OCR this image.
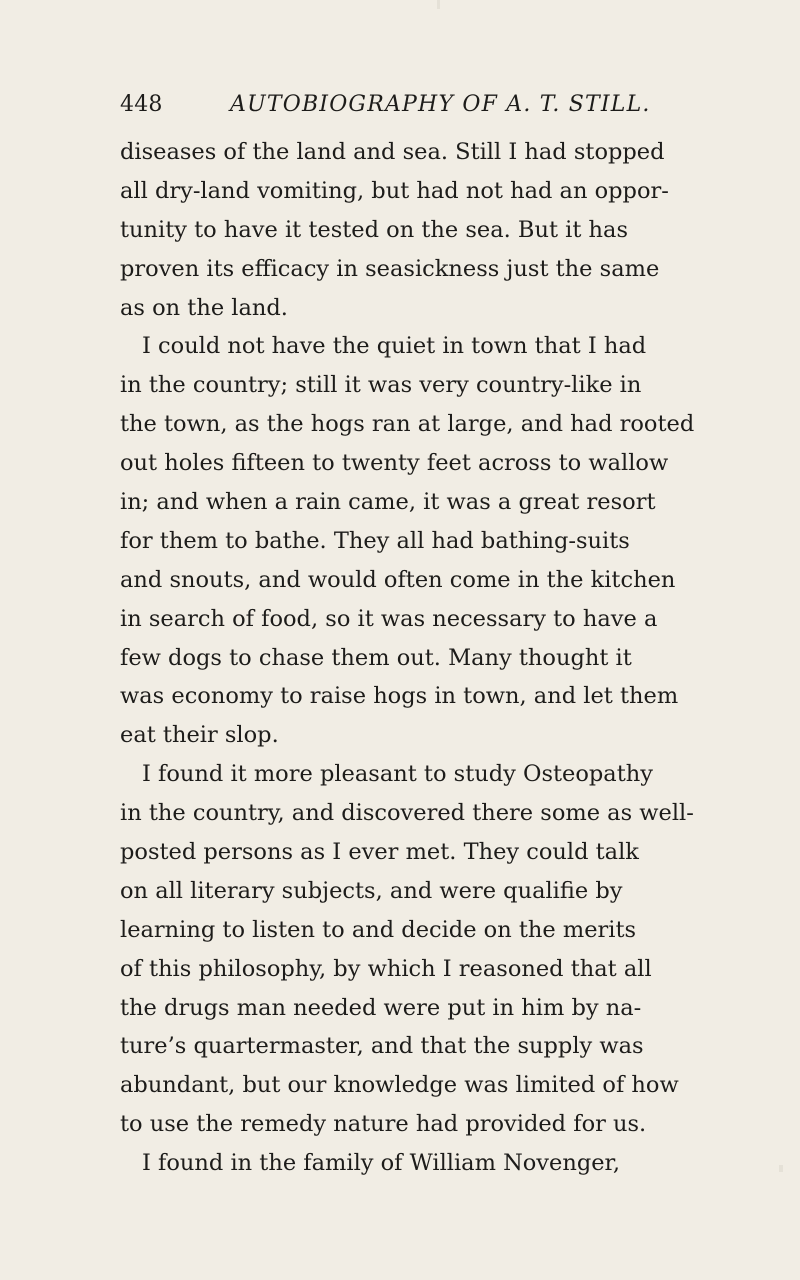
448	AUTOBIOGRAPHY OF A. T. STILL.
diseases of the land and sea. Still I had stopped
all dry-land vomiting, but had not had an oppor-
tunity to have it tested on the sea. But it has
proven its efficacy in seasickness just the same
as on the land.
I could not have the quiet in town that I had
in the country; still it was very country-like in
the town, as the hogs ran at large, and had rooted
out holes fifteen to twenty feet across to wallow
in; and when a rain came, it was a great resort
for them to bathe. They all had bathing-suits
and snouts, and would often come in the kitchen
in search of food, so it was necessary to have a
few dogs to chase them out. Many thought it
was economy to raise hogs in town, and let them
eat their slop.
I found it more pleasant to study Osteopathy
in the country, and discovered there some as well-
posted persons as I ever met. They could talk
on all literary subjects, and were qualifie by
learning to listen to and decide on the merits
of this philosophy, by which I reasoned that all
the drugs man needed were put in him by na-
ture’s quartermaster, and that the supply was
abundant, but our knowledge was limited of how
to use the remedy nature had provided for us.
I found in the family of William Novenger,
